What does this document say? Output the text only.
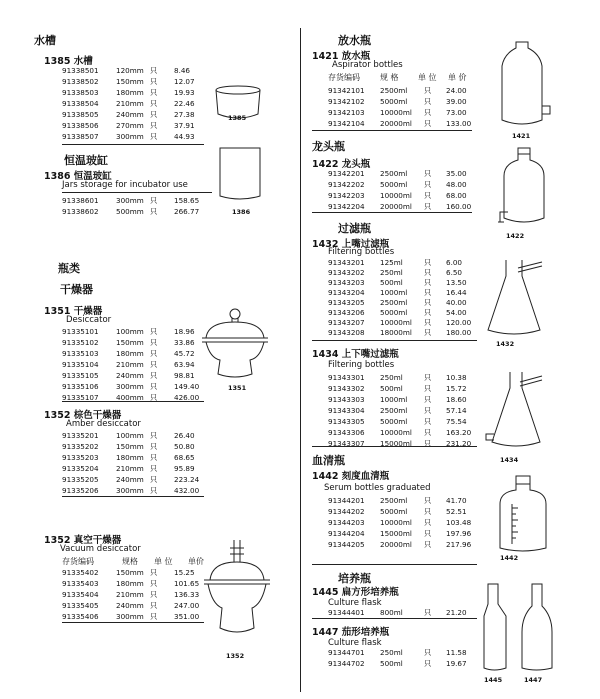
水槽
1385 水槽
91338501 120mm 只 8.46
91338502 150mm 只 12.07
91338503 180mm 只 19.93
91338504 210mm 只 22.46
91338505 240mm 只 27.38
91338506 270mm 只 37.91
91338507 300mm 只 44.93
恒温玻缸
1386 恒温玻缸
Jars storage for incubator use
91338601 300mm 只 158.65
91338602 500mm 只 266.77
瓶类
干燥器
1351 干燥器
Desiccator
91335101 100mm 只 18.96
91335102 150mm 只 33.86
91335103 180mm 只 45.72
91335104 210mm 只 63.94
91335105 240mm 只 98.81
91335106 300mm 只 149.40
91335107 400mm 只 426.00
1352 棕色干燥器
Amber desiccator
91335201 100mm 只 26.40
91335202 150mm 只 50.80
91335203 180mm 只 68.65
91335204 210mm 只 95.89
91335205 240mm 只 223.24
91335206 300mm 只 432.00
1352 真空干燥器
Vacuum desiccator
存货编码	规格 单 位 单价
91335402 150mm 只 15.25
91335403 180mm 只 101.65
91335404 210mm 只 136.33
91335405 240mm 只 247.00
91335406 300mm 只 351.00
放水瓶
1421 放水瓶
Aspirator bottles
存货编码	规 格 单 位 单 价
91342101 2500ml 只 24.00
91342102 5000ml 只 39.00
91342103 10000ml 只 73.00
91342104 20000ml 只 133.00
龙头瓶
1422 龙头瓶
91342201 2500ml 只 35.00
91342202 5000ml 只 48.00
91342203 10000ml 只 68.00
91342204 20000ml 只 160.00
过滤瓶
1432 上嘴过滤瓶
Filtering bottles
91343201 125ml	只 6.00
91343202 250ml	只 6.50
91343203 500ml	只 13.50
91343204 1000ml 只 16.44
91343205 2500ml 只 40.00
91343206 5000ml 只 54.00
91343207 10000ml 只 120.00
91343208 18000ml 只 180.00
1434 上下嘴过滤瓶
Filtering bottles
91343301 250ml	只 10.38
91343302 500ml	只 15.72
91343303 1000ml 只 18.60
91343304 2500ml 只 57.14
91343305 5000ml 只 75.54
91343306 10000ml 只 163.20
91343307 15000ml 只 231.20
血清瓶
1442 刻度血清瓶
Serum bottles graduated
91344201 2500ml 只 41.70
91344202 5000ml 只 52.51
91344203 10000ml 只 103.48
91344204 15000ml 只 197.96
91344205 20000ml 只 217.96
培养瓶
1445 扁方形培养瓶
Culture flask
91344401 800ml	只 21.20
1447 茄形培养瓶
Culture flask
91344701 250ml	只 11.58
91344702 500ml	只 19.67
1385
1386
1351
1352
1421
1422
1432
1434
1442
1445	1447
